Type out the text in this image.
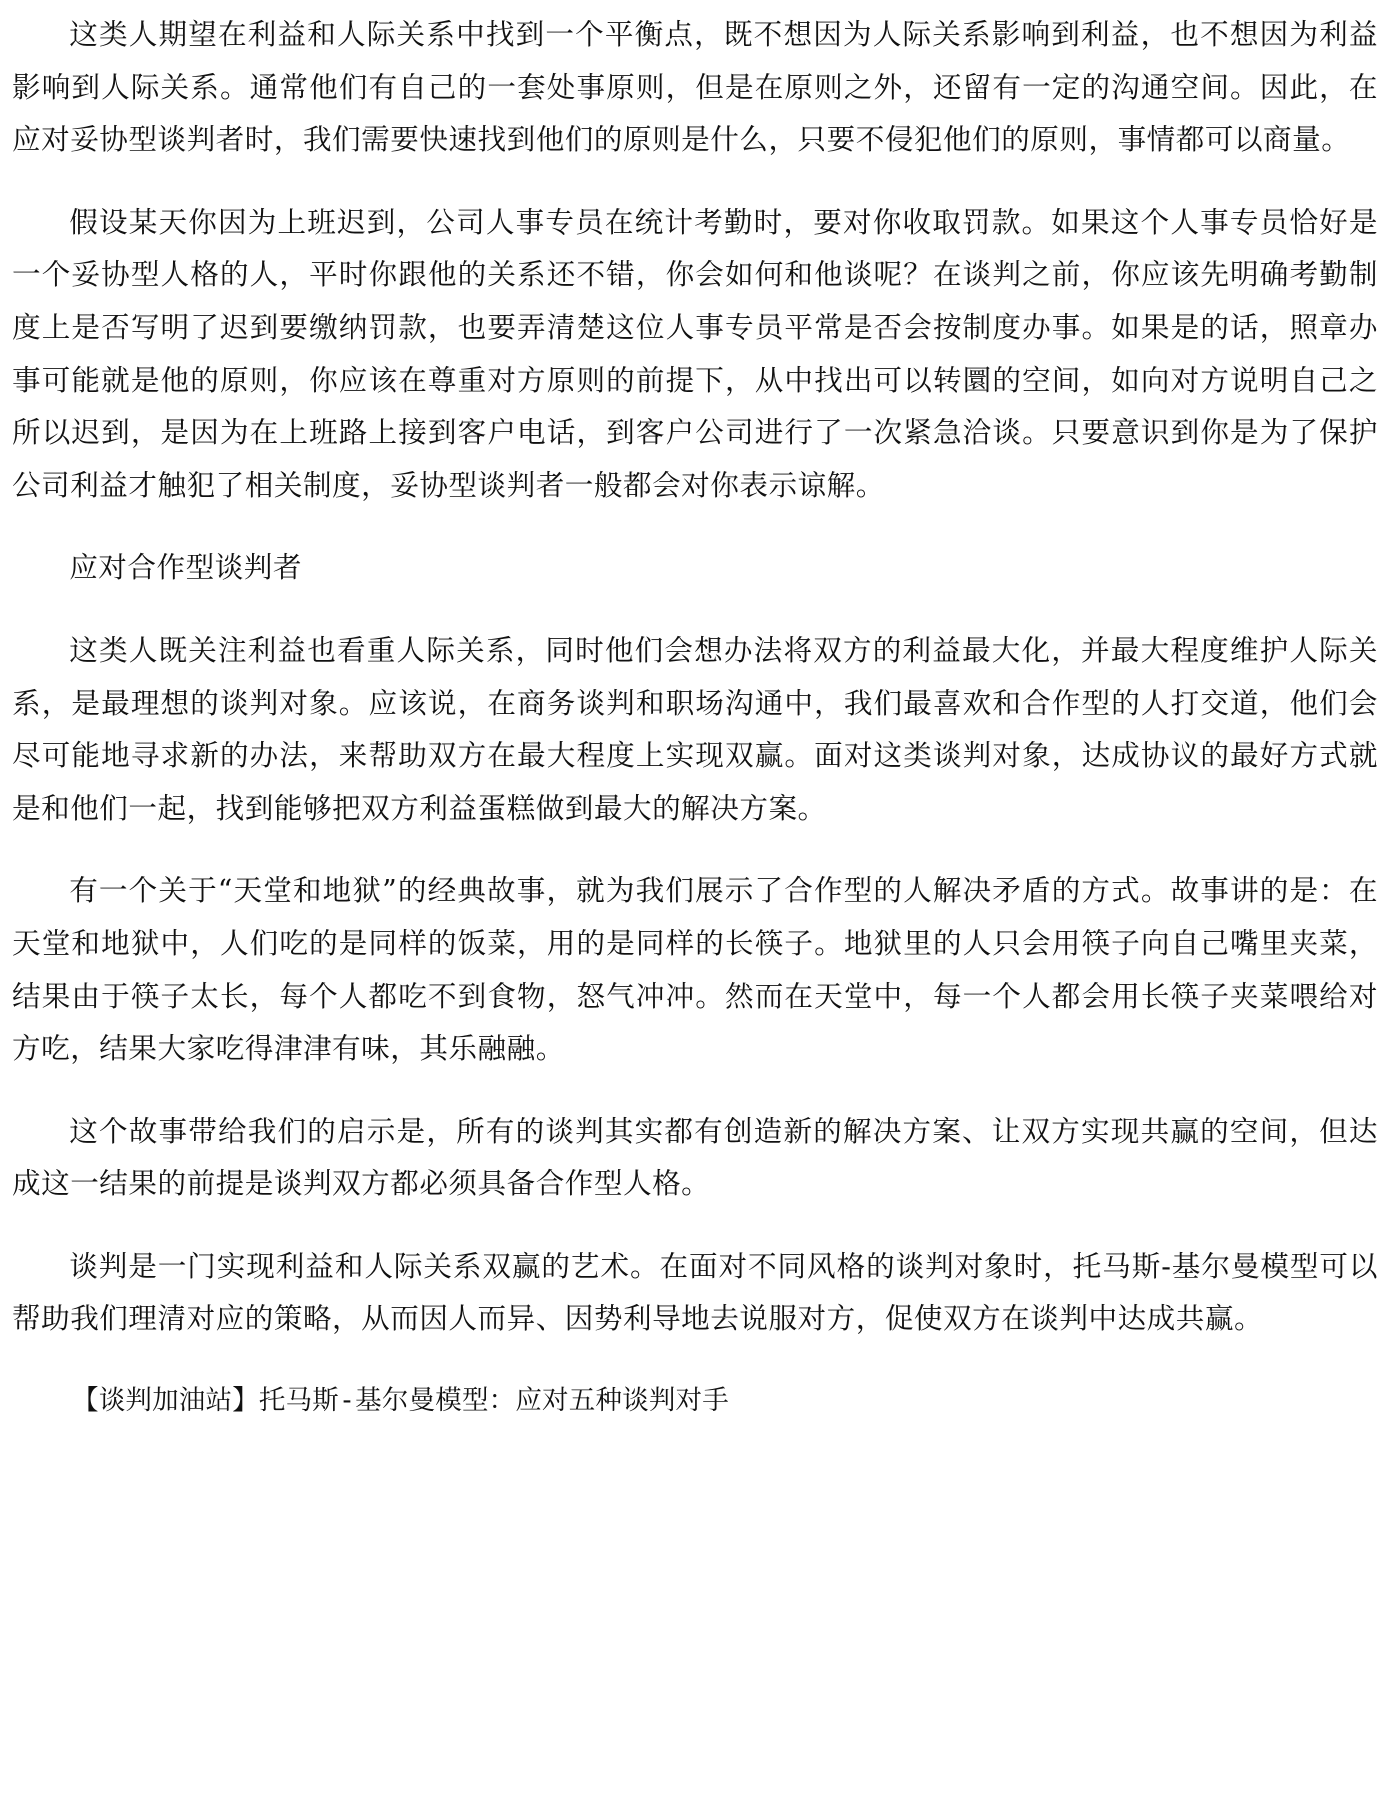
这类人期望在利益和人际关系中找到一个平衡点，既不想因为人际关系影响到利益，也不想因为利益影响到人际关系。通常他们有自己的一套处事原则，但是在原则之外，还留有一定的沟通空间。因此，在应对妥协型谈判者时，我们需要快速找到他们的原则是什么，只要不侵犯他们的原则，事情都可以商量。

假设某天你因为上班迟到，公司人事专员在统计考勤时，要对你收取罚款。如果这个人事专员恰好是一个妥协型人格的人，平时你跟他的关系还不错，你会如何和他谈呢？在谈判之前，你应该先明确考勤制度上是否写明了迟到要缴纳罚款，也要弄清楚这位人事专员平常是否会按制度办事。如果是的话，照章办事可能就是他的原则，你应该在尊重对方原则的前提下，从中找出可以转圜的空间，如向对方说明自己之所以迟到，是因为在上班路上接到客户电话，到客户公司进行了一次紧急洽谈。只要意识到你是为了保护公司利益才触犯了相关制度，妥协型谈判者一般都会对你表示谅解。

应对合作型谈判者

这类人既关注利益也看重人际关系，同时他们会想办法将双方的利益最大化，并最大程度维护人际关系，是最理想的谈判对象。应该说，在商务谈判和职场沟通中，我们最喜欢和合作型的人打交道，他们会尽可能地寻求新的办法，来帮助双方在最大程度上实现双赢。面对这类谈判对象，达成协议的最好方式就是和他们一起，找到能够把双方利益蛋糕做到最大的解决方案。

有一个关于“天堂和地狱”的经典故事，就为我们展示了合作型的人解决矛盾的方式。故事讲的是：在天堂和地狱中，人们吃的是同样的饭菜，用的是同样的长筷子。地狱里的人只会用筷子向自己嘴里夹菜，结果由于筷子太长，每个人都吃不到食物，怒气冲冲。然而在天堂中，每一个人都会用长筷子夹菜喂给对方吃，结果大家吃得津津有味，其乐融融。

这个故事带给我们的启示是，所有的谈判其实都有创造新的解决方案、让双方实现共赢的空间，但达成这一结果的前提是谈判双方都必须具备合作型人格。

谈判是一门实现利益和人际关系双赢的艺术。在面对不同风格的谈判对象时，托马斯-基尔曼模型可以帮助我们理清对应的策略，从而因人而异、因势利导地去说服对方，促使双方在谈判中达成共赢。

【谈判加油站】托马斯-基尔曼模型：应对五种谈判对手
